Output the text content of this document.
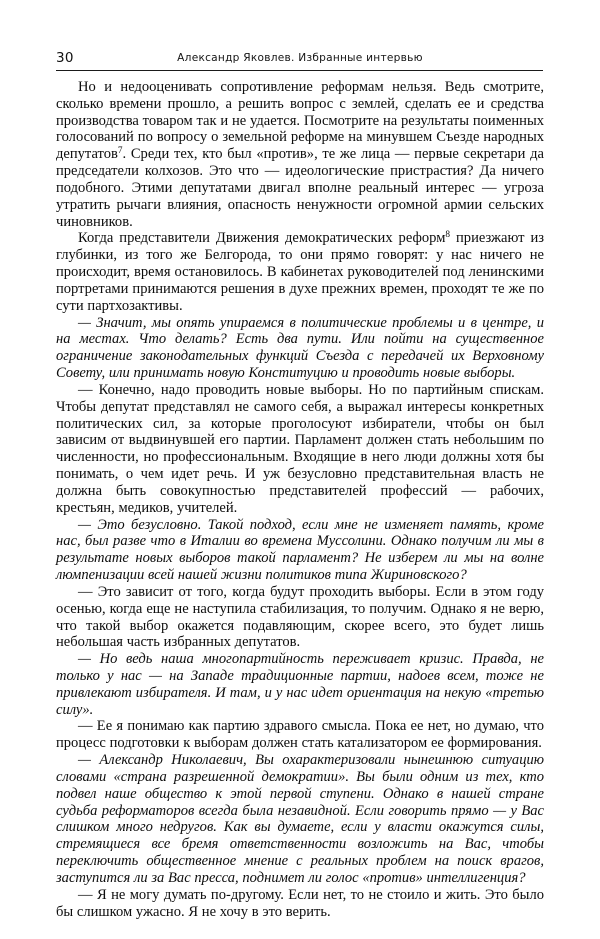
30	Александр Яковлев. Избранные интервью

Но и недооценивать сопротивление реформам нельзя. Ведь смотрите, сколько времени прошло, а решить вопрос с землей, сделать ее и средства производства товаром так и не удается. Посмотрите на результаты поименных голосований по вопросу о земельной реформе на минувшем Съезде народных депутатов$^7$. Среди тех, кто был «против», те же лица — первые секретари да председатели колхозов. Это что — идеологические пристрастия? Да ничего подобного. Этими депутатами двигал вполне реальный интерес — угроза утратить рычаги влияния, опасность ненужности огромной армии сельских чиновников.

Когда представители Движения демократических реформ$^8$ приезжают из глубинки, из того же Белгорода, то они прямо говорят: у нас ничего не происходит, время остановилось. В кабинетах руководителей под ленинскими портретами принимаются решения в духе прежних времен, проходят те же по сути партхозактивы.

— Значит, мы опять упираемся в политические проблемы и в центре, и на местах. Что делать? Есть два пути. Или пойти на существенное ограничение законодательных функций Съезда с передачей их Верховному Совету, или принимать новую Конституцию и проводить новые выборы.

— Конечно, надо проводить новые выборы. Но по партийным спискам. Чтобы депутат представлял не самого себя, а выражал интересы конкретных политических сил, за которые проголосуют избиратели, чтобы он был зависим от выдвинувшей его партии. Парламент должен стать небольшим по численности, но профессиональным. Входящие в него люди должны хотя бы понимать, о чем идет речь. И уж безусловно представительная власть не должна быть совокупностью представителей профессий — рабочих, крестьян, медиков, учителей.

— Это безусловно. Такой подход, если мне не изменяет память, кроме нас, был разве что в Италии во времена Муссолини. Однако получим ли мы в результате новых выборов такой парламент? Не изберем ли мы на волне люмпенизации всей нашей жизни политиков типа Жириновского?

— Это зависит от того, когда будут проходить выборы. Если в этом году осенью, когда еще не наступила стабилизация, то получим. Однако я не верю, что такой выбор окажется подавляющим, скорее всего, это будет лишь небольшая часть избранных депутатов.

— Но ведь наша многопартийность переживает кризис. Правда, не только у нас — на Западе традиционные партии, надоев всем, тоже не привлекают избирателя. И там, и у нас идет ориентация на некую «третью силу».

— Ее я понимаю как партию здравого смысла. Пока ее нет, но думаю, что процесс подготовки к выборам должен стать катализатором ее формирования.

— Александр Николаевич, Вы охарактеризовали нынешнюю ситуацию словами «страна разрешенной демократии». Вы были одним из тех, кто подвел наше общество к этой первой ступени. Однако в нашей стране судьба реформаторов всегда была незавидной. Если говорить прямо — у Вас слишком много недругов. Как вы думаете, если у власти окажутся силы, стремящиеся все бремя ответственности возложить на Вас, чтобы переключить общественное мнение с реальных проблем на поиск врагов, заступится ли за Вас пресса, поднимет ли голос «против» интеллигенция?

— Я не могу думать по-другому. Если нет, то не стоило и жить. Это было бы слишком ужасно. Я не хочу в это верить.
